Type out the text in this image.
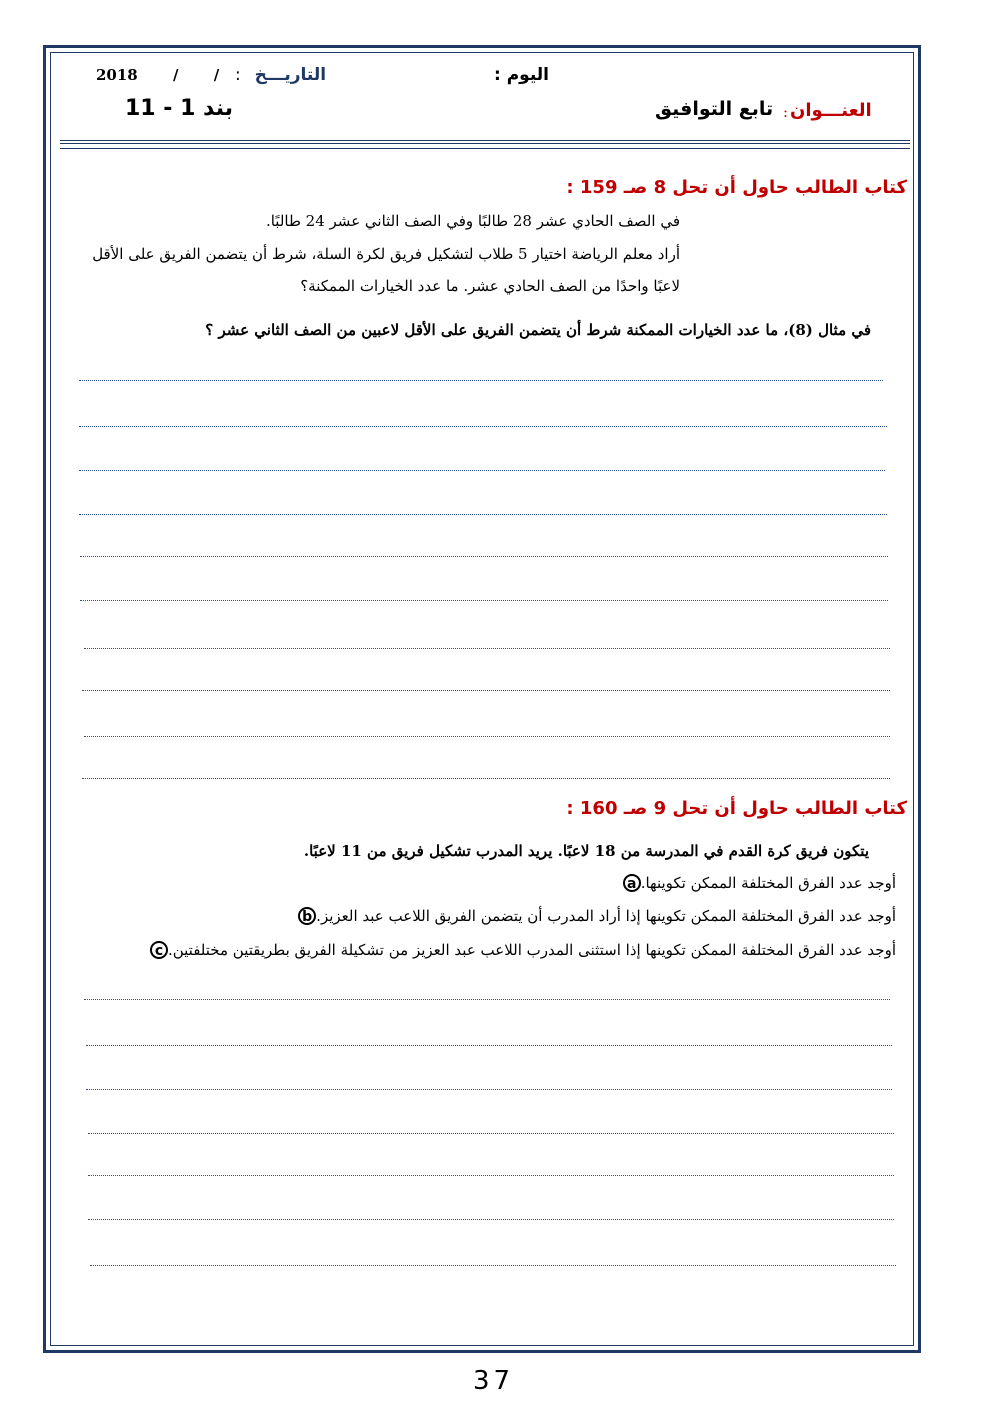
2018 / /	التاريـــخ :	اليوم :
بند 1 - 11	العنـــوان
:
تابع التوافيق
كتاب الطالب حاول أن تحل 8 صـ 159 :
في الصف الحادي عشر 28 طالبًا وفي الصف الثاني عشر 24 طالبًا.
أراد معلم الرياضة اختيار 5 طلاب لتشكيل فريق لكرة السلة، شرط أن يتضمن الفريق على الأقل
لاعبًا واحدًا من الصف الحادي عشر. ما عدد الخيارات الممكنة؟
في مثال (8)، ما عدد الخيارات الممكنة شرط أن يتضمن الفريق على الأقل لاعبين من الصف الثاني عشر ؟
كتاب الطالب حاول أن تحل 9 صـ 160 :
يتكون فريق كرة القدم في المدرسة من 18 لاعبًا. يريد المدرب تشكيل فريق من 11 لاعبًا.
a أوجد عدد الفرق المختلفة الممكن تكوينها.
b أوجد عدد الفرق المختلفة الممكن تكوينها إذا أراد المدرب أن يتضمن الفريق اللاعب عبد العزيز.
c أوجد عدد الفرق المختلفة الممكن تكوينها إذا استثنى المدرب اللاعب عبد العزيز من تشكيلة الفريق بطريقتين مختلفتين.
37
